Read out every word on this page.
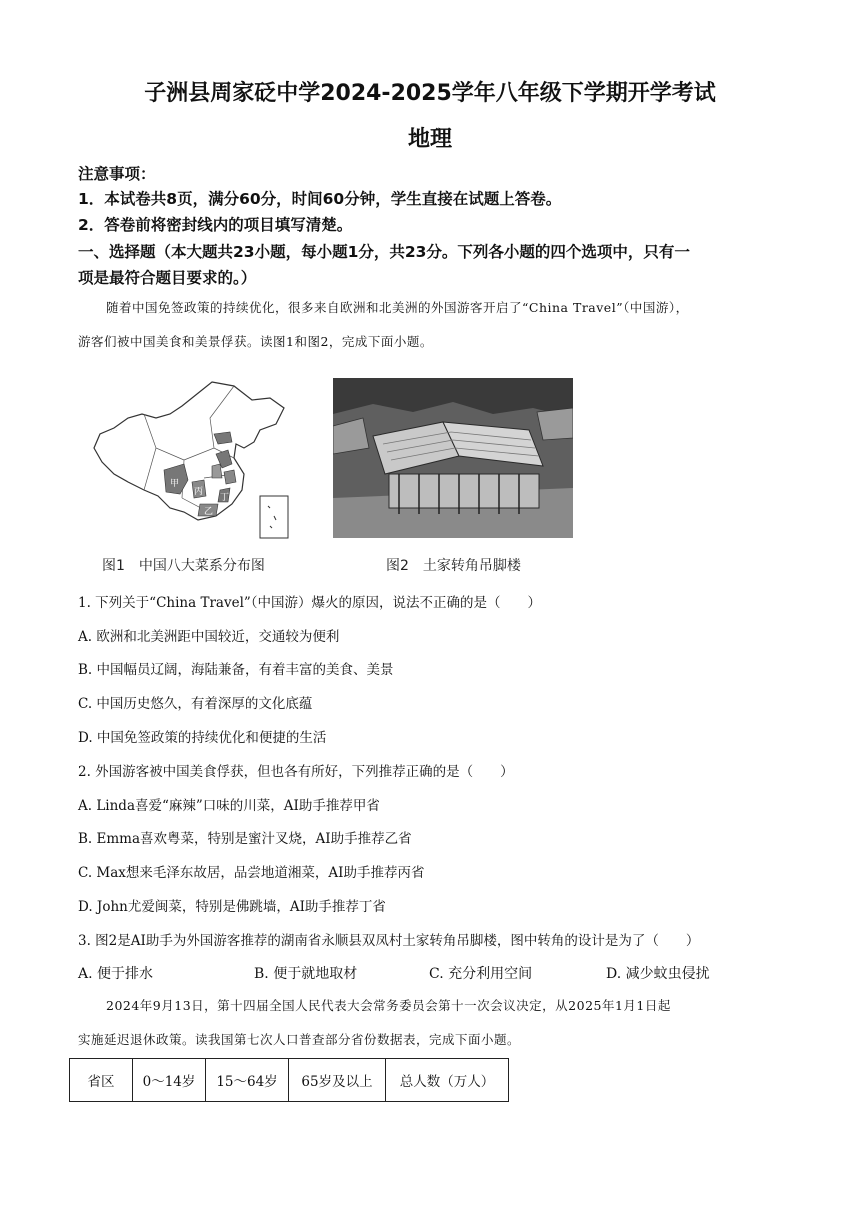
子洲县周家砭中学2024-2025学年八年级下学期开学考试
地理
注意事项：
1．本试卷共8页，满分60分，时间60分钟，学生直接在试题上答卷。
2．答卷前将密封线内的项目填写清楚。
一、选择题（本大题共23小题，每小题1分，共23分。下列各小题的四个选项中，只有一
项是最符合题目要求的。）
随着中国免签政策的持续优化，很多来自欧洲和北美洲的外国游客开启了“China Travel”（中国游），
游客们被中国美食和美景俘获。读图1和图2，完成下面小题。
甲
乙
丙
丁
图1　中国八大菜系分布图	图2　土家转角吊脚楼
1. 下列关于“China Travel”（中国游）爆火的原因，说法不正确的是（　　）
A. 欧洲和北美洲距中国较近，交通较为便利
B. 中国幅员辽阔，海陆兼备，有着丰富的美食、美景
C. 中国历史悠久，有着深厚的文化底蕴
D. 中国免签政策的持续优化和便捷的生活
2. 外国游客被中国美食俘获，但也各有所好，下列推荐正确的是（　　）
A. Linda喜爱“麻辣”口味的川菜，AI助手推荐甲省
B. Emma喜欢粤菜，特别是蜜汁叉烧，AI助手推荐乙省
C. Max想来毛泽东故居，品尝地道湘菜，AI助手推荐丙省
D. John尤爱闽菜，特别是佛跳墙，AI助手推荐丁省
3. 图2是AI助手为外国游客推荐的湖南省永顺县双凤村土家转角吊脚楼，图中转角的设计是为了（　　）
A. 便于排水	B. 便于就地取材	C. 充分利用空间	D. 减少蚊虫侵扰
2024年9月13日，第十四届全国人民代表大会常务委员会第十一次会议决定，从2025年1月1日起
实施延迟退休政策。读我国第七次人口普查部分省份数据表，完成下面小题。
省区	0～14岁	15～64岁	65岁及以上	总人数（万人）
